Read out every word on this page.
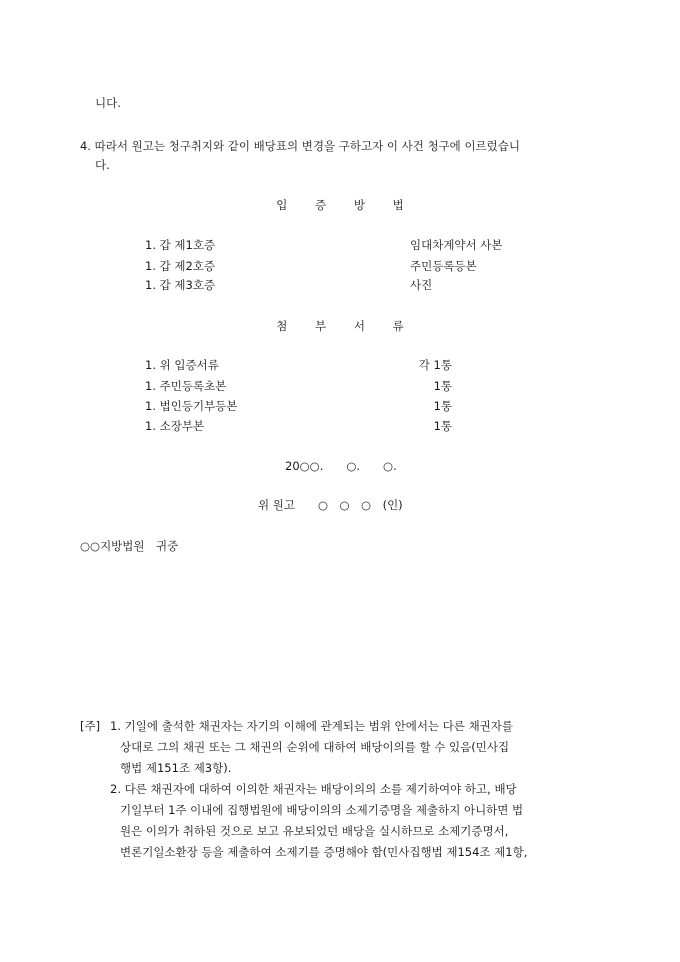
니다.
4. 따라서 원고는 청구취지와 같이 배당표의 변경을 구하고자 이 사건 청구에 이르렀습니
다.
입 증 방 법
1. 갑 제1호증	임대차계약서 사본
1. 갑 제2호증	주민등록등본
1. 갑 제3호증	사진
첨 부 서 류
1. 위 입증서류	각 1통
1. 주민등록초본	1통
1. 법인등기부등본	1통
1. 소장부본	1통
20○○.　　○.　　○.
위 원고　　○　○　○　(인)
○○지방법원　귀중
[주] 1. 기일에 출석한 채권자는 자기의 이해에 관계되는 범위 안에서는 다른 채권자를
상대로 그의 채권 또는 그 채권의 순위에 대하여 배당이의를 할 수 있음(민사집
행법 제151조 제3항).
2. 다른 채권자에 대하여 이의한 채권자는 배당이의의 소를 제기하여야 하고, 배당
기일부터 1주 이내에 집행법원에 배당이의의 소제기증명을 제출하지 아니하면 법
원은 이의가 취하된 것으로 보고 유보되었던 배당을 실시하므로 소제기증명서,
변론기일소환장 등을 제출하여 소제기를 증명해야 함(민사집행법 제154조 제1항,
